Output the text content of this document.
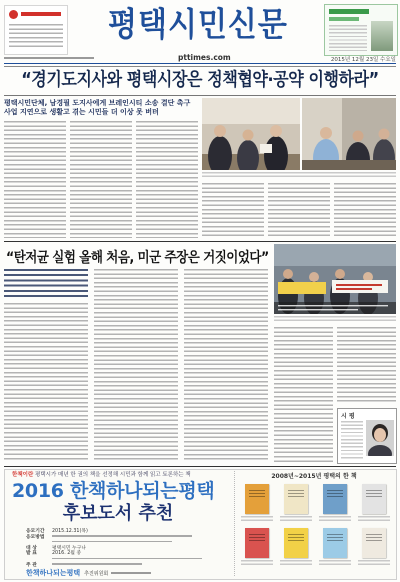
평택시민신문
pttimes.com	2015년 12월 23일 수요일
“경기도지사와 평택시장은 정책협약·공약 이행하라”
평택시민단체, 남경필 도지사에게 브레인시티 소송 결단 촉구
사업 지연으로 생활고 겪는 시민들 더 이상 못 버텨
“탄저균 실험 올해 처음, 미군 주장은 거짓이었다”
시 평
한책이란 평택시가 매년 한 권의 책을 선정해 시민과 함께 읽고 토론하는 책
2016 한책하나되는평택
후보도서 추천
응모기간 2015.12.31(목)
응모방법
대 상	평택시민 누구나
발 표	2016. 2월 중
주 관
한책하나되는평택 추진위원회
2008년~2015년 평택의 한 책
